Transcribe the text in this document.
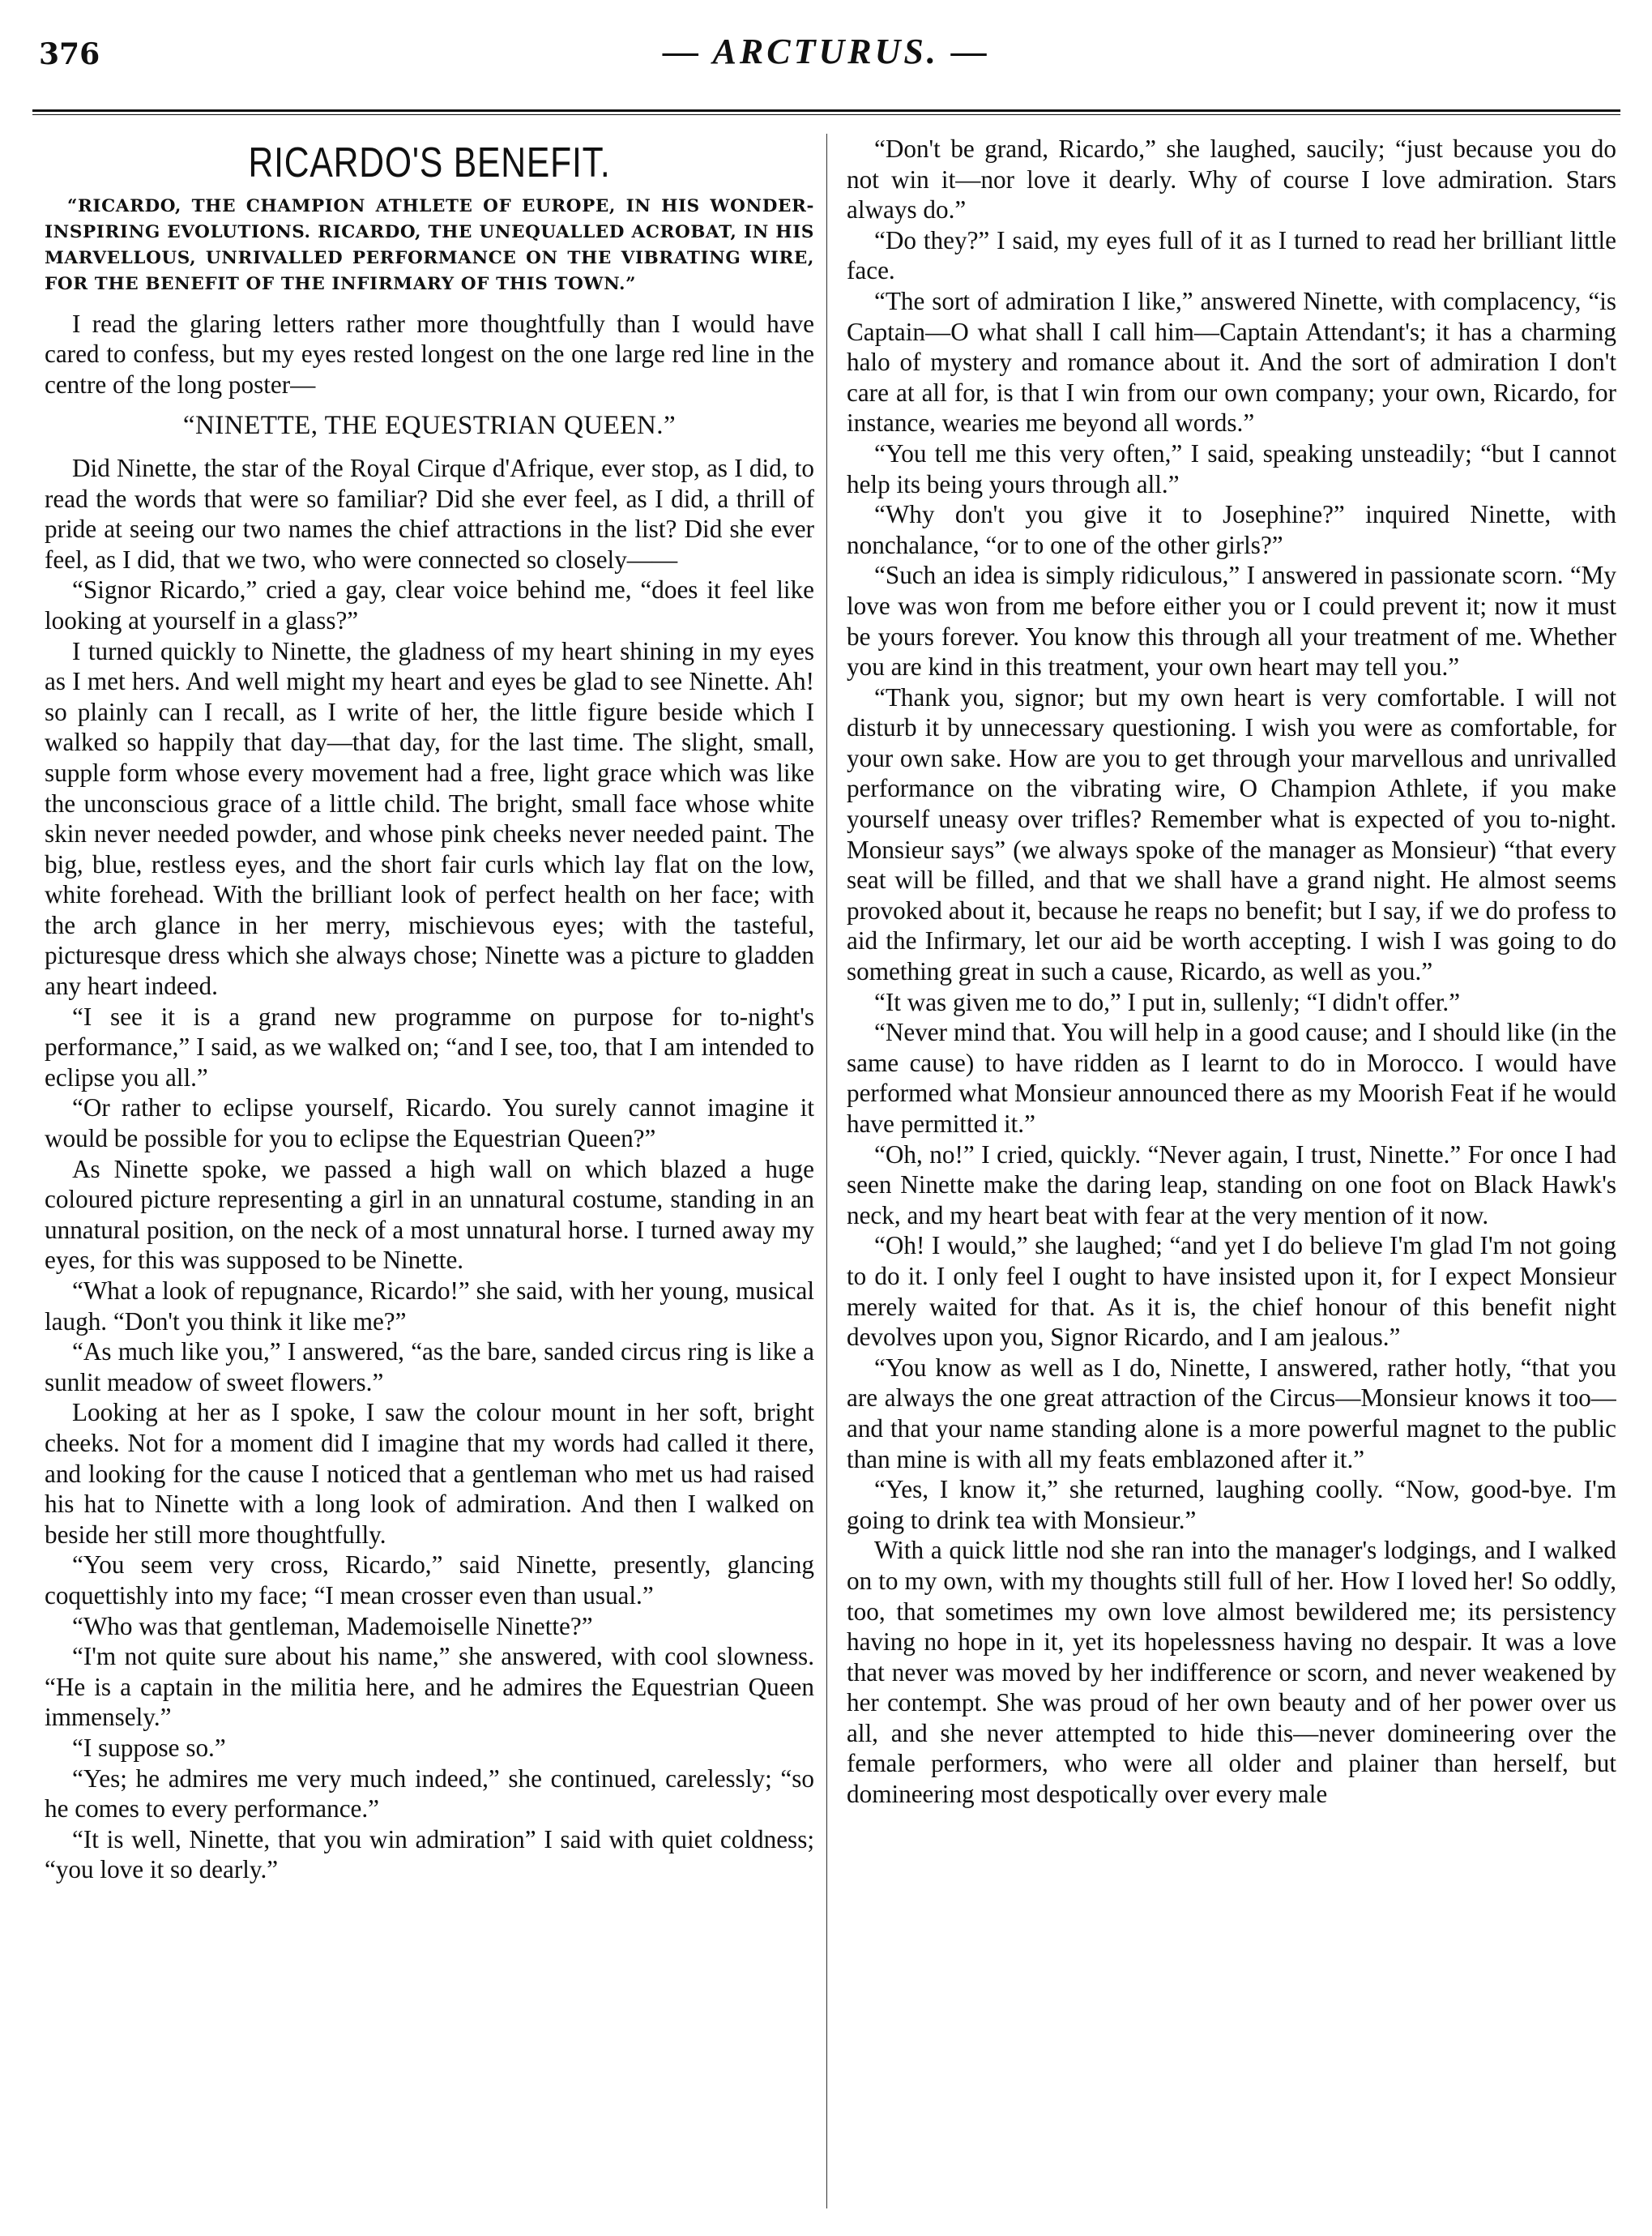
376	— ARCTURUS. —
RICARDO'S BENEFIT.
“RICARDO, THE CHAMPION ATHLETE OF EUROPE, IN HIS WONDER-INSPIRING EVOLUTIONS. RICARDO, THE UNEQUALLED ACROBAT, IN HIS MARVELLOUS, UNRIVALLED PERFORMANCE ON THE VIBRATING WIRE, FOR THE BENEFIT OF THE INFIRMARY OF THIS TOWN.”

I read the glaring letters rather more thoughtfully than I would have cared to confess, but my eyes rested longest on the one large red line in the centre of the long poster—

“NINETTE, THE EQUESTRIAN QUEEN.”

Did Ninette, the star of the Royal Cirque d'Afrique, ever stop, as I did, to read the words that were so familiar? Did she ever feel, as I did, a thrill of pride at seeing our two names the chief attractions in the list? Did she ever feel, as I did, that we two, who were connected so closely——

“Signor Ricardo,” cried a gay, clear voice behind me, “does it feel like looking at yourself in a glass?”

I turned quickly to Ninette, the gladness of my heart shining in my eyes as I met hers. And well might my heart and eyes be glad to see Ninette. Ah! so plainly can I recall, as I write of her, the little figure beside which I walked so happily that day—that day, for the last time. The slight, small, supple form whose every movement had a free, light grace which was like the unconscious grace of a little child. The bright, small face whose white skin never needed powder, and whose pink cheeks never needed paint. The big, blue, restless eyes, and the short fair curls which lay flat on the low, white forehead. With the brilliant look of perfect health on her face; with the arch glance in her merry, mischievous eyes; with the tasteful, picturesque dress which she always chose; Ninette was a picture to gladden any heart indeed.

“I see it is a grand new programme on purpose for to-night's performance,” I said, as we walked on; “and I see, too, that I am intended to eclipse you all.”

“Or rather to eclipse yourself, Ricardo. You surely cannot imagine it would be possible for you to eclipse the Equestrian Queen?”

As Ninette spoke, we passed a high wall on which blazed a huge coloured picture representing a girl in an unnatural costume, standing in an unnatural position, on the neck of a most unnatural horse. I turned away my eyes, for this was supposed to be Ninette.

“What a look of repugnance, Ricardo!” she said, with her young, musical laugh. “Don't you think it like me?”

“As much like you,” I answered, “as the bare, sanded circus ring is like a sunlit meadow of sweet flowers.”

Looking at her as I spoke, I saw the colour mount in her soft, bright cheeks. Not for a moment did I imagine that my words had called it there, and looking for the cause I noticed that a gentleman who met us had raised his hat to Ninette with a long look of admiration. And then I walked on beside her still more thoughtfully.

“You seem very cross, Ricardo,” said Ninette, presently, glancing coquettishly into my face; “I mean crosser even than usual.”

“Who was that gentleman, Mademoiselle Ninette?”

“I'm not quite sure about his name,” she answered, with cool slowness. “He is a captain in the militia here, and he admires the Equestrian Queen immensely.”

“I suppose so.”

“Yes; he admires me very much indeed,” she continued, carelessly; “so he comes to every performance.”

“It is well, Ninette, that you win admiration” I said with quiet coldness; “you love it so dearly.”

“Don't be grand, Ricardo,” she laughed, saucily; “just because you do not win it—nor love it dearly. Why of course I love admiration. Stars always do.”

“Do they?” I said, my eyes full of it as I turned to read her brilliant little face.

“The sort of admiration I like,” answered Ninette, with complacency, “is Captain—O what shall I call him—Captain Attendant's; it has a charming halo of mystery and romance about it. And the sort of admiration I don't care at all for, is that I win from our own company; your own, Ricardo, for instance, wearies me beyond all words.”

“You tell me this very often,” I said, speaking unsteadily; “but I cannot help its being yours through all.”

“Why don't you give it to Josephine?” inquired Ninette, with nonchalance, “or to one of the other girls?”

“Such an idea is simply ridiculous,” I answered in passionate scorn. “My love was won from me before either you or I could prevent it; now it must be yours forever. You know this through all your treatment of me. Whether you are kind in this treatment, your own heart may tell you.”

“Thank you, signor; but my own heart is very comfortable. I will not disturb it by unnecessary questioning. I wish you were as comfortable, for your own sake. How are you to get through your marvellous and unrivalled performance on the vibrating wire, O Champion Athlete, if you make yourself uneasy over trifles? Remember what is expected of you to-night. Monsieur says” (we always spoke of the manager as Monsieur) “that every seat will be filled, and that we shall have a grand night. He almost seems provoked about it, because he reaps no benefit; but I say, if we do profess to aid the Infirmary, let our aid be worth accepting. I wish I was going to do something great in such a cause, Ricardo, as well as you.”

“It was given me to do,” I put in, sullenly; “I didn't offer.”

“Never mind that. You will help in a good cause; and I should like (in the same cause) to have ridden as I learnt to do in Morocco. I would have performed what Monsieur announced there as my Moorish Feat if he would have permitted it.”

“Oh, no!” I cried, quickly. “Never again, I trust, Ninette.” For once I had seen Ninette make the daring leap, standing on one foot on Black Hawk's neck, and my heart beat with fear at the very mention of it now.

“Oh! I would,” she laughed; “and yet I do believe I'm glad I'm not going to do it. I only feel I ought to have insisted upon it, for I expect Monsieur merely waited for that. As it is, the chief honour of this benefit night devolves upon you, Signor Ricardo, and I am jealous.”

“You know as well as I do, Ninette, I answered, rather hotly, “that you are always the one great attraction of the Circus—Monsieur knows it too—and that your name standing alone is a more powerful magnet to the public than mine is with all my feats emblazoned after it.”

“Yes, I know it,” she returned, laughing coolly. “Now, good-bye. I'm going to drink tea with Monsieur.”

With a quick little nod she ran into the manager's lodgings, and I walked on to my own, with my thoughts still full of her. How I loved her! So oddly, too, that sometimes my own love almost bewildered me; its persistency having no hope in it, yet its hopelessness having no despair. It was a love that never was moved by her indifference or scorn, and never weakened by her contempt. She was proud of her own beauty and of her power over us all, and she never attempted to hide this—never domineering over the female performers, who were all older and plainer than herself, but domineering most despotically over every male
